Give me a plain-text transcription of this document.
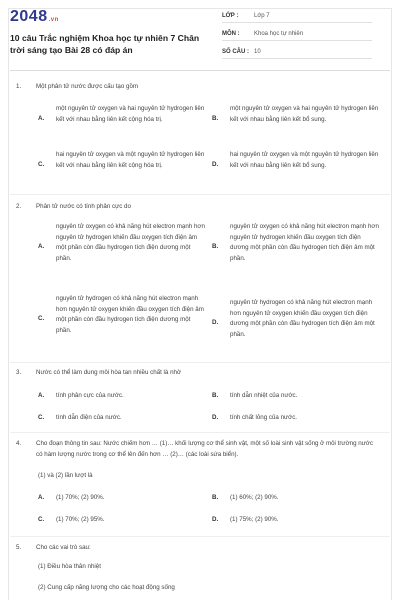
2048.vn
10 câu Trắc nghiệm Khoa học tự nhiên 7 Chân trời sáng tạo Bài 28 có đáp án
LỚP :	Lớp 7
MÔN :	Khoa học tự nhiên
SỐ CÂU : 10
1. Một phân tử nước được cấu tạo gồm
A.
một nguyên tử oxygen và hai nguyên tử hydrogen liên kết với nhau bằng liên kết cộng hóa trị.	B.
một nguyên tử oxygen và hai nguyên tử hydrogen liên kết với nhau bằng liên kết bổ sung.
C.
hai nguyên tử oxygen và một nguyên tử hydrogen liên kết với nhau bằng liên kết cộng hóa trị.	D.
hai nguyên tử oxygen và một nguyên tử hydrogen liên kết với nhau bằng liên kết bổ sung.
2. Phân tử nước có tính phân cực do
A.
nguyên tử oxygen có khả năng hút electron mạnh hơn nguyên tử hydrogen khiến đầu oxygen tích điện âm một phần còn đầu hydrogen tích điện dương một phần.
B.
nguyên tử oxygen có khả năng hút electron mạnh hơn nguyên tử hydrogen khiến đầu oxygen tích điện dương một phần còn đầu hydrogen tích điện âm một phần.
C.
nguyên tử hydrogen có khả năng hút electron mạnh hơn nguyên tử oxygen khiến đầu oxygen tích điện âm một phần còn đầu hydrogen tích điện dương một phần.
D.
nguyên tử hydrogen có khả năng hút electron mạnh hơn nguyên tử oxygen khiến đầu oxygen tích điện dương một phần còn đầu hydrogen tích điện âm một phần.
3. Nước có thể làm dung môi hòa tan nhiều chất là nhờ
A. tính phân cực của nước.	B. tính dẫn nhiệt của nước.
C. tính dẫn điện của nước.	D. tính chất lỏng của nước.
4. Cho đoạn thông tin sau: Nước chiếm hơn … (1)… khối lượng cơ thể sinh vật, một số loài sinh vật sống ở môi trường nước có hàm lượng nước trong cơ thể lên đến hơn … (2)… (các loài sứa biển).
(1) và (2) lần lượt là
A. (1) 70%; (2) 90%.	B. (1) 60%; (2) 90%.
C. (1) 70%; (2) 95%.	D. (1) 75%; (2) 90%.
5. Cho các vai trò sau:
(1) Điều hòa thân nhiệt
(2) Cung cấp năng lượng cho các hoạt động sống
